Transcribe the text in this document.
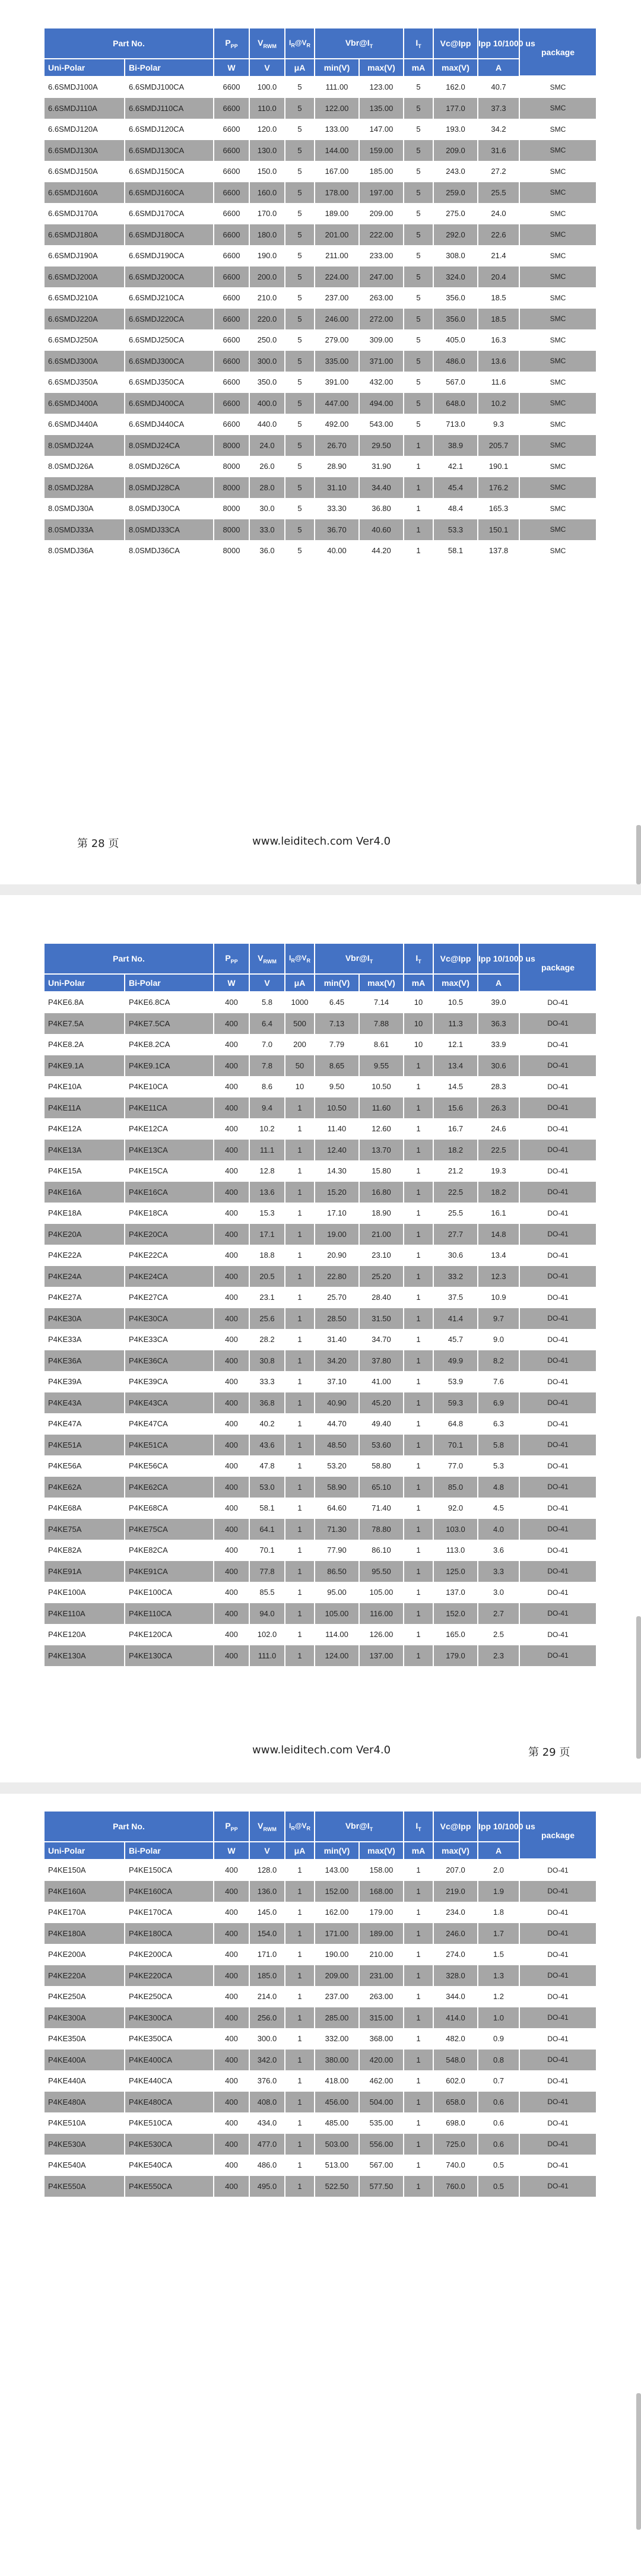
Part No.		$P_{PP}$	$V_{RWM}$	$I_R@V_R$	$Vbr@I_T$		$I_T$	Vc@Ipp	Ipp 10/1000 us	package
Uni-Polar	Bi-Polar	W	V	μA	min(V)	max(V)	mA	max(V)	A	
6.6SMDJ100A	6.6SMDJ100CA	6600	100.0	5	111.00	123.00	5	162.0	40.7	SMC
6.6SMDJ110A	6.6SMDJ110CA	6600	110.0	5	122.00	135.00	5	177.0	37.3	SMC
6.6SMDJ120A	6.6SMDJ120CA	6600	120.0	5	133.00	147.00	5	193.0	34.2	SMC
6.6SMDJ130A	6.6SMDJ130CA	6600	130.0	5	144.00	159.00	5	209.0	31.6	SMC
6.6SMDJ150A	6.6SMDJ150CA	6600	150.0	5	167.00	185.00	5	243.0	27.2	SMC
6.6SMDJ160A	6.6SMDJ160CA	6600	160.0	5	178.00	197.00	5	259.0	25.5	SMC
6.6SMDJ170A	6.6SMDJ170CA	6600	170.0	5	189.00	209.00	5	275.0	24.0	SMC
6.6SMDJ180A	6.6SMDJ180CA	6600	180.0	5	201.00	222.00	5	292.0	22.6	SMC
6.6SMDJ190A	6.6SMDJ190CA	6600	190.0	5	211.00	233.00	5	308.0	21.4	SMC
6.6SMDJ200A	6.6SMDJ200CA	6600	200.0	5	224.00	247.00	5	324.0	20.4	SMC
6.6SMDJ210A	6.6SMDJ210CA	6600	210.0	5	237.00	263.00	5	356.0	18.5	SMC
6.6SMDJ220A	6.6SMDJ220CA	6600	220.0	5	246.00	272.00	5	356.0	18.5	SMC
6.6SMDJ250A	6.6SMDJ250CA	6600	250.0	5	279.00	309.00	5	405.0	16.3	SMC
6.6SMDJ300A	6.6SMDJ300CA	6600	300.0	5	335.00	371.00	5	486.0	13.6	SMC
6.6SMDJ350A	6.6SMDJ350CA	6600	350.0	5	391.00	432.00	5	567.0	11.6	SMC
6.6SMDJ400A	6.6SMDJ400CA	6600	400.0	5	447.00	494.00	5	648.0	10.2	SMC
6.6SMDJ440A	6.6SMDJ440CA	6600	440.0	5	492.00	543.00	5	713.0	9.3	SMC
8.0SMDJ24A	8.0SMDJ24CA	8000	24.0	5	26.70	29.50	1	38.9	205.7	SMC
8.0SMDJ26A	8.0SMDJ26CA	8000	26.0	5	28.90	31.90	1	42.1	190.1	SMC
8.0SMDJ28A	8.0SMDJ28CA	8000	28.0	5	31.10	34.40	1	45.4	176.2	SMC
8.0SMDJ30A	8.0SMDJ30CA	8000	30.0	5	33.30	36.80	1	48.4	165.3	SMC
8.0SMDJ33A	8.0SMDJ33CA	8000	33.0	5	36.70	40.60	1	53.3	150.1	SMC
8.0SMDJ36A	8.0SMDJ36CA	8000	36.0	5	40.00	44.20	1	58.1	137.8	SMC
第 28 页	www.leiditech.com Ver4.0
Part No.		$P_{PP}$	$V_{RWM}$	$I_R@V_R$	$Vbr@I_T$		$I_T$	Vc@Ipp	Ipp 10/1000 us	package
Uni-Polar	Bi-Polar	W	V	μA	min(V)	max(V)	mA	max(V)	A	
P4KE6.8A	P4KE6.8CA	400	5.8	1000	6.45	7.14	10	10.5	39.0	DO-41
P4KE7.5A	P4KE7.5CA	400	6.4	500	7.13	7.88	10	11.3	36.3	DO-41
P4KE8.2A	P4KE8.2CA	400	7.0	200	7.79	8.61	10	12.1	33.9	DO-41
P4KE9.1A	P4KE9.1CA	400	7.8	50	8.65	9.55	1	13.4	30.6	DO-41
P4KE10A	P4KE10CA	400	8.6	10	9.50	10.50	1	14.5	28.3	DO-41
P4KE11A	P4KE11CA	400	9.4	1	10.50	11.60	1	15.6	26.3	DO-41
P4KE12A	P4KE12CA	400	10.2	1	11.40	12.60	1	16.7	24.6	DO-41
P4KE13A	P4KE13CA	400	11.1	1	12.40	13.70	1	18.2	22.5	DO-41
P4KE15A	P4KE15CA	400	12.8	1	14.30	15.80	1	21.2	19.3	DO-41
P4KE16A	P4KE16CA	400	13.6	1	15.20	16.80	1	22.5	18.2	DO-41
P4KE18A	P4KE18CA	400	15.3	1	17.10	18.90	1	25.5	16.1	DO-41
P4KE20A	P4KE20CA	400	17.1	1	19.00	21.00	1	27.7	14.8	DO-41
P4KE22A	P4KE22CA	400	18.8	1	20.90	23.10	1	30.6	13.4	DO-41
P4KE24A	P4KE24CA	400	20.5	1	22.80	25.20	1	33.2	12.3	DO-41
P4KE27A	P4KE27CA	400	23.1	1	25.70	28.40	1	37.5	10.9	DO-41
P4KE30A	P4KE30CA	400	25.6	1	28.50	31.50	1	41.4	9.7	DO-41
P4KE33A	P4KE33CA	400	28.2	1	31.40	34.70	1	45.7	9.0	DO-41
P4KE36A	P4KE36CA	400	30.8	1	34.20	37.80	1	49.9	8.2	DO-41
P4KE39A	P4KE39CA	400	33.3	1	37.10	41.00	1	53.9	7.6	DO-41
P4KE43A	P4KE43CA	400	36.8	1	40.90	45.20	1	59.3	6.9	DO-41
P4KE47A	P4KE47CA	400	40.2	1	44.70	49.40	1	64.8	6.3	DO-41
P4KE51A	P4KE51CA	400	43.6	1	48.50	53.60	1	70.1	5.8	DO-41
P4KE56A	P4KE56CA	400	47.8	1	53.20	58.80	1	77.0	5.3	DO-41
P4KE62A	P4KE62CA	400	53.0	1	58.90	65.10	1	85.0	4.8	DO-41
P4KE68A	P4KE68CA	400	58.1	1	64.60	71.40	1	92.0	4.5	DO-41
P4KE75A	P4KE75CA	400	64.1	1	71.30	78.80	1	103.0	4.0	DO-41
P4KE82A	P4KE82CA	400	70.1	1	77.90	86.10	1	113.0	3.6	DO-41
P4KE91A	P4KE91CA	400	77.8	1	86.50	95.50	1	125.0	3.3	DO-41
P4KE100A	P4KE100CA	400	85.5	1	95.00	105.00	1	137.0	3.0	DO-41
P4KE110A	P4KE110CA	400	94.0	1	105.00	116.00	1	152.0	2.7	DO-41
P4KE120A	P4KE120CA	400	102.0	1	114.00	126.00	1	165.0	2.5	DO-41
P4KE130A	P4KE130CA	400	111.0	1	124.00	137.00	1	179.0	2.3	DO-41
www.leiditech.com Ver4.0	第 29 页
Part No.		$P_{PP}$	$V_{RWM}$	$I_R@V_R$	$Vbr@I_T$		$I_T$	Vc@Ipp	Ipp 10/1000 us	package
Uni-Polar	Bi-Polar	W	V	μA	min(V)	max(V)	mA	max(V)	A	
P4KE150A	P4KE150CA	400	128.0	1	143.00	158.00	1	207.0	2.0	DO-41
P4KE160A	P4KE160CA	400	136.0	1	152.00	168.00	1	219.0	1.9	DO-41
P4KE170A	P4KE170CA	400	145.0	1	162.00	179.00	1	234.0	1.8	DO-41
P4KE180A	P4KE180CA	400	154.0	1	171.00	189.00	1	246.0	1.7	DO-41
P4KE200A	P4KE200CA	400	171.0	1	190.00	210.00	1	274.0	1.5	DO-41
P4KE220A	P4KE220CA	400	185.0	1	209.00	231.00	1	328.0	1.3	DO-41
P4KE250A	P4KE250CA	400	214.0	1	237.00	263.00	1	344.0	1.2	DO-41
P4KE300A	P4KE300CA	400	256.0	1	285.00	315.00	1	414.0	1.0	DO-41
P4KE350A	P4KE350CA	400	300.0	1	332.00	368.00	1	482.0	0.9	DO-41
P4KE400A	P4KE400CA	400	342.0	1	380.00	420.00	1	548.0	0.8	DO-41
P4KE440A	P4KE440CA	400	376.0	1	418.00	462.00	1	602.0	0.7	DO-41
P4KE480A	P4KE480CA	400	408.0	1	456.00	504.00	1	658.0	0.6	DO-41
P4KE510A	P4KE510CA	400	434.0	1	485.00	535.00	1	698.0	0.6	DO-41
P4KE530A	P4KE530CA	400	477.0	1	503.00	556.00	1	725.0	0.6	DO-41
P4KE540A	P4KE540CA	400	486.0	1	513.00	567.00	1	740.0	0.5	DO-41
P4KE550A	P4KE550CA	400	495.0	1	522.50	577.50	1	760.0	0.5	DO-41
